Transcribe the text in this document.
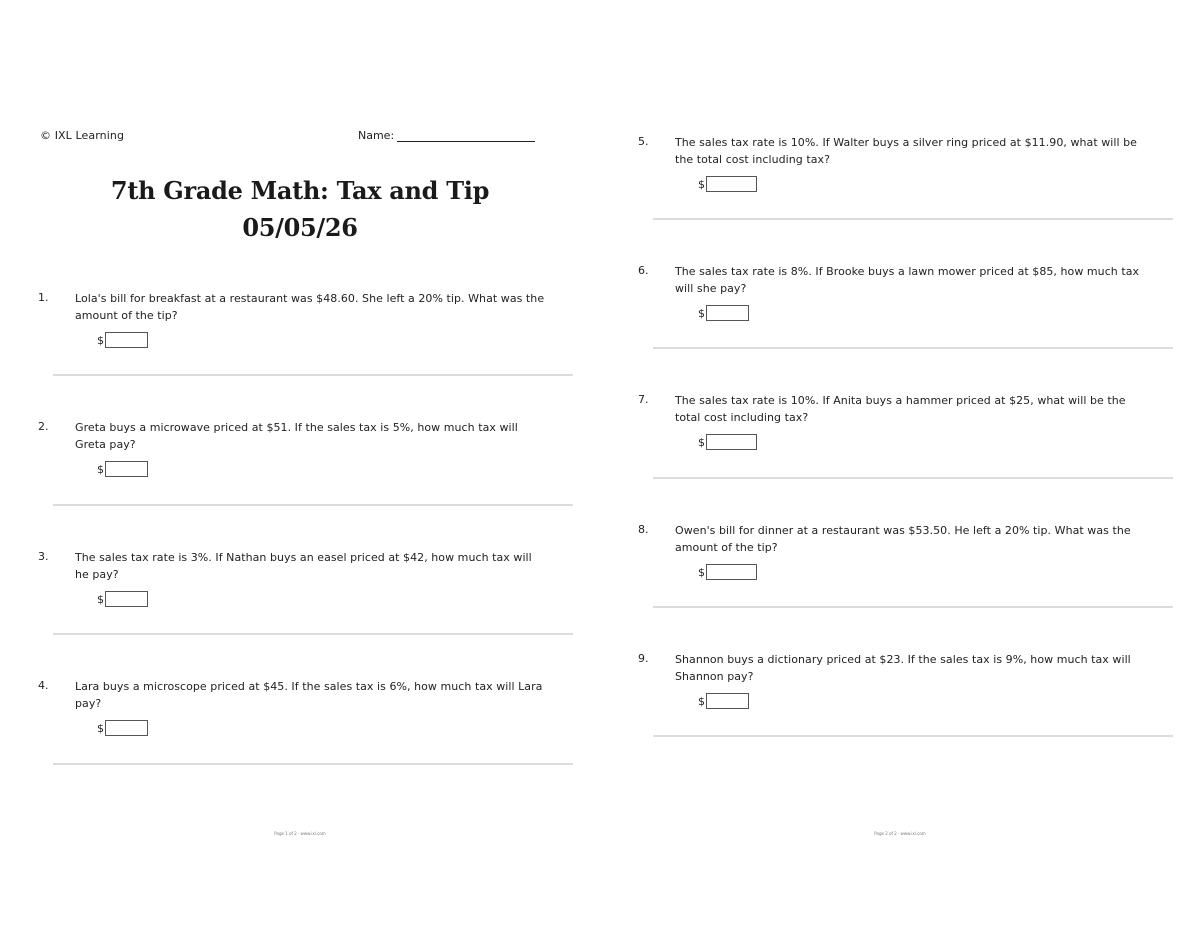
© IXL Learning	Name:
7th Grade Math: Tax and Tip
05/05/26
1. Lola's bill for breakfast at a restaurant was $48.60. She left a 20% tip. What was the amount of the tip?
$
2. Greta buys a microwave priced at $51. If the sales tax is 5%, how much tax will Greta pay?
$
3. The sales tax rate is 3%. If Nathan buys an easel priced at $42, how much tax will he pay?
$
4. Lara buys a microscope priced at $45. If the sales tax is 6%, how much tax will Lara pay?
$
Page 1 of 2 · www.ixl.com
5. The sales tax rate is 10%. If Walter buys a silver ring priced at $11.90, what will be the total cost including tax?
$
6. The sales tax rate is 8%. If Brooke buys a lawn mower priced at $85, how much tax will she pay?
$
7. The sales tax rate is 10%. If Anita buys a hammer priced at $25, what will be the total cost including tax?
$
8. Owen's bill for dinner at a restaurant was $53.50. He left a 20% tip. What was the amount of the tip?
$
9. Shannon buys a dictionary priced at $23. If the sales tax is 9%, how much tax will Shannon pay?
$
Page 2 of 2 · www.ixl.com
